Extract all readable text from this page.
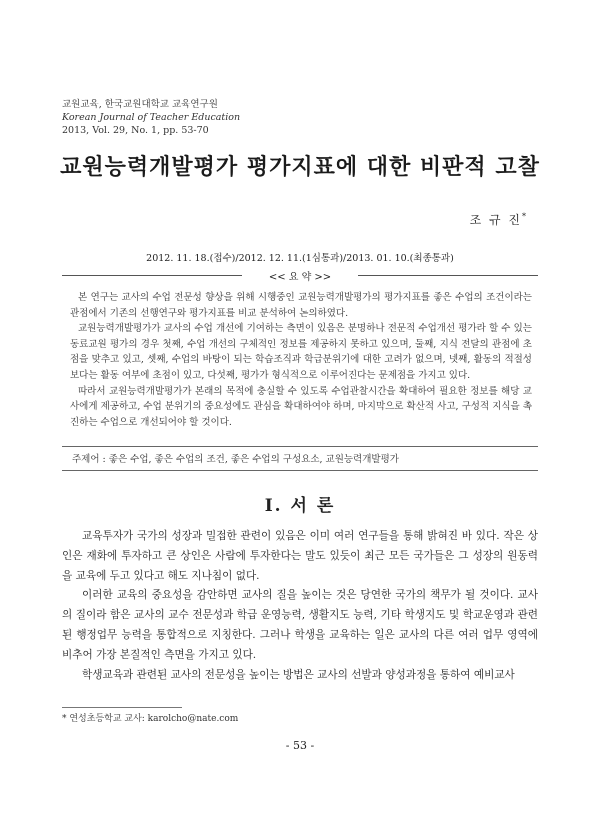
교원교육, 한국교원대학교 교육연구원
Korean Journal of Teacher Education
2013, Vol. 29, No. 1, pp. 53-70
교원능력개발평가 평가지표에 대한 비판적 고찰
조 규 진*
2012. 11. 18.(접수)/2012. 12. 11.(1심통과)/2013. 01. 10.(최종통과)
<< 요 약 >>

본 연구는 교사의 수업 전문성 향상을 위해 시행중인 교원능력개발평가의 평가지표를 좋은 수업의 조건이라는 관점에서 기존의 선행연구와 평가지표를 비교 분석하여 논의하였다.

교원능력개발평가가 교사의 수업 개선에 기여하는 측면이 있음은 분명하나 전문적 수업개선 평가라 할 수 있는 동료교원 평가의 경우 첫째, 수업 개선의 구체적인 정보를 제공하지 못하고 있으며, 둘째, 지식 전달의 관점에 초점을 맞추고 있고, 셋째, 수업의 바탕이 되는 학습조직과 학급분위기에 대한 고려가 없으며, 넷째, 활동의 적절성보다는 활동 여부에 초점이 있고, 다섯째, 평가가 형식적으로 이루어진다는 문제점을 가지고 있다.

따라서 교원능력개발평가가 본래의 목적에 충실할 수 있도록 수업관찰시간을 확대하여 필요한 정보를 해당 교사에게 제공하고, 수업 분위기의 중요성에도 관심을 확대하여야 하며, 마지막으로 확산적 사고, 구성적 지식을 촉진하는 수업으로 개선되어야 할 것이다.

주제어 : 좋은 수업, 좋은 수업의 조건, 좋은 수업의 구성요소, 교원능력개발평가
Ⅰ. 서 론

교육투자가 국가의 성장과 밀접한 관련이 있음은 이미 여러 연구들을 통해 밝혀진 바 있다. 작은 상인은 재화에 투자하고 큰 상인은 사람에 투자한다는 말도 있듯이 최근 모든 국가들은 그 성장의 원동력을 교육에 두고 있다고 해도 지나침이 없다.

이러한 교육의 중요성을 감안하면 교사의 질을 높이는 것은 당연한 국가의 책무가 될 것이다. 교사의 질이라 함은 교사의 교수 전문성과 학급 운영능력, 생활지도 능력, 기타 학생지도 및 학교운영과 관련된 행정업무 능력을 통합적으로 지칭한다. 그러나 학생을 교육하는 일은 교사의 다른 여러 업무 영역에 비추어 가장 본질적인 측면을 가지고 있다.

학생교육과 관련된 교사의 전문성을 높이는 방법은 교사의 선발과 양성과정을 통하여 예비교사

* 연성초등학교 교사: karolcho@nate.com
- 53 -
